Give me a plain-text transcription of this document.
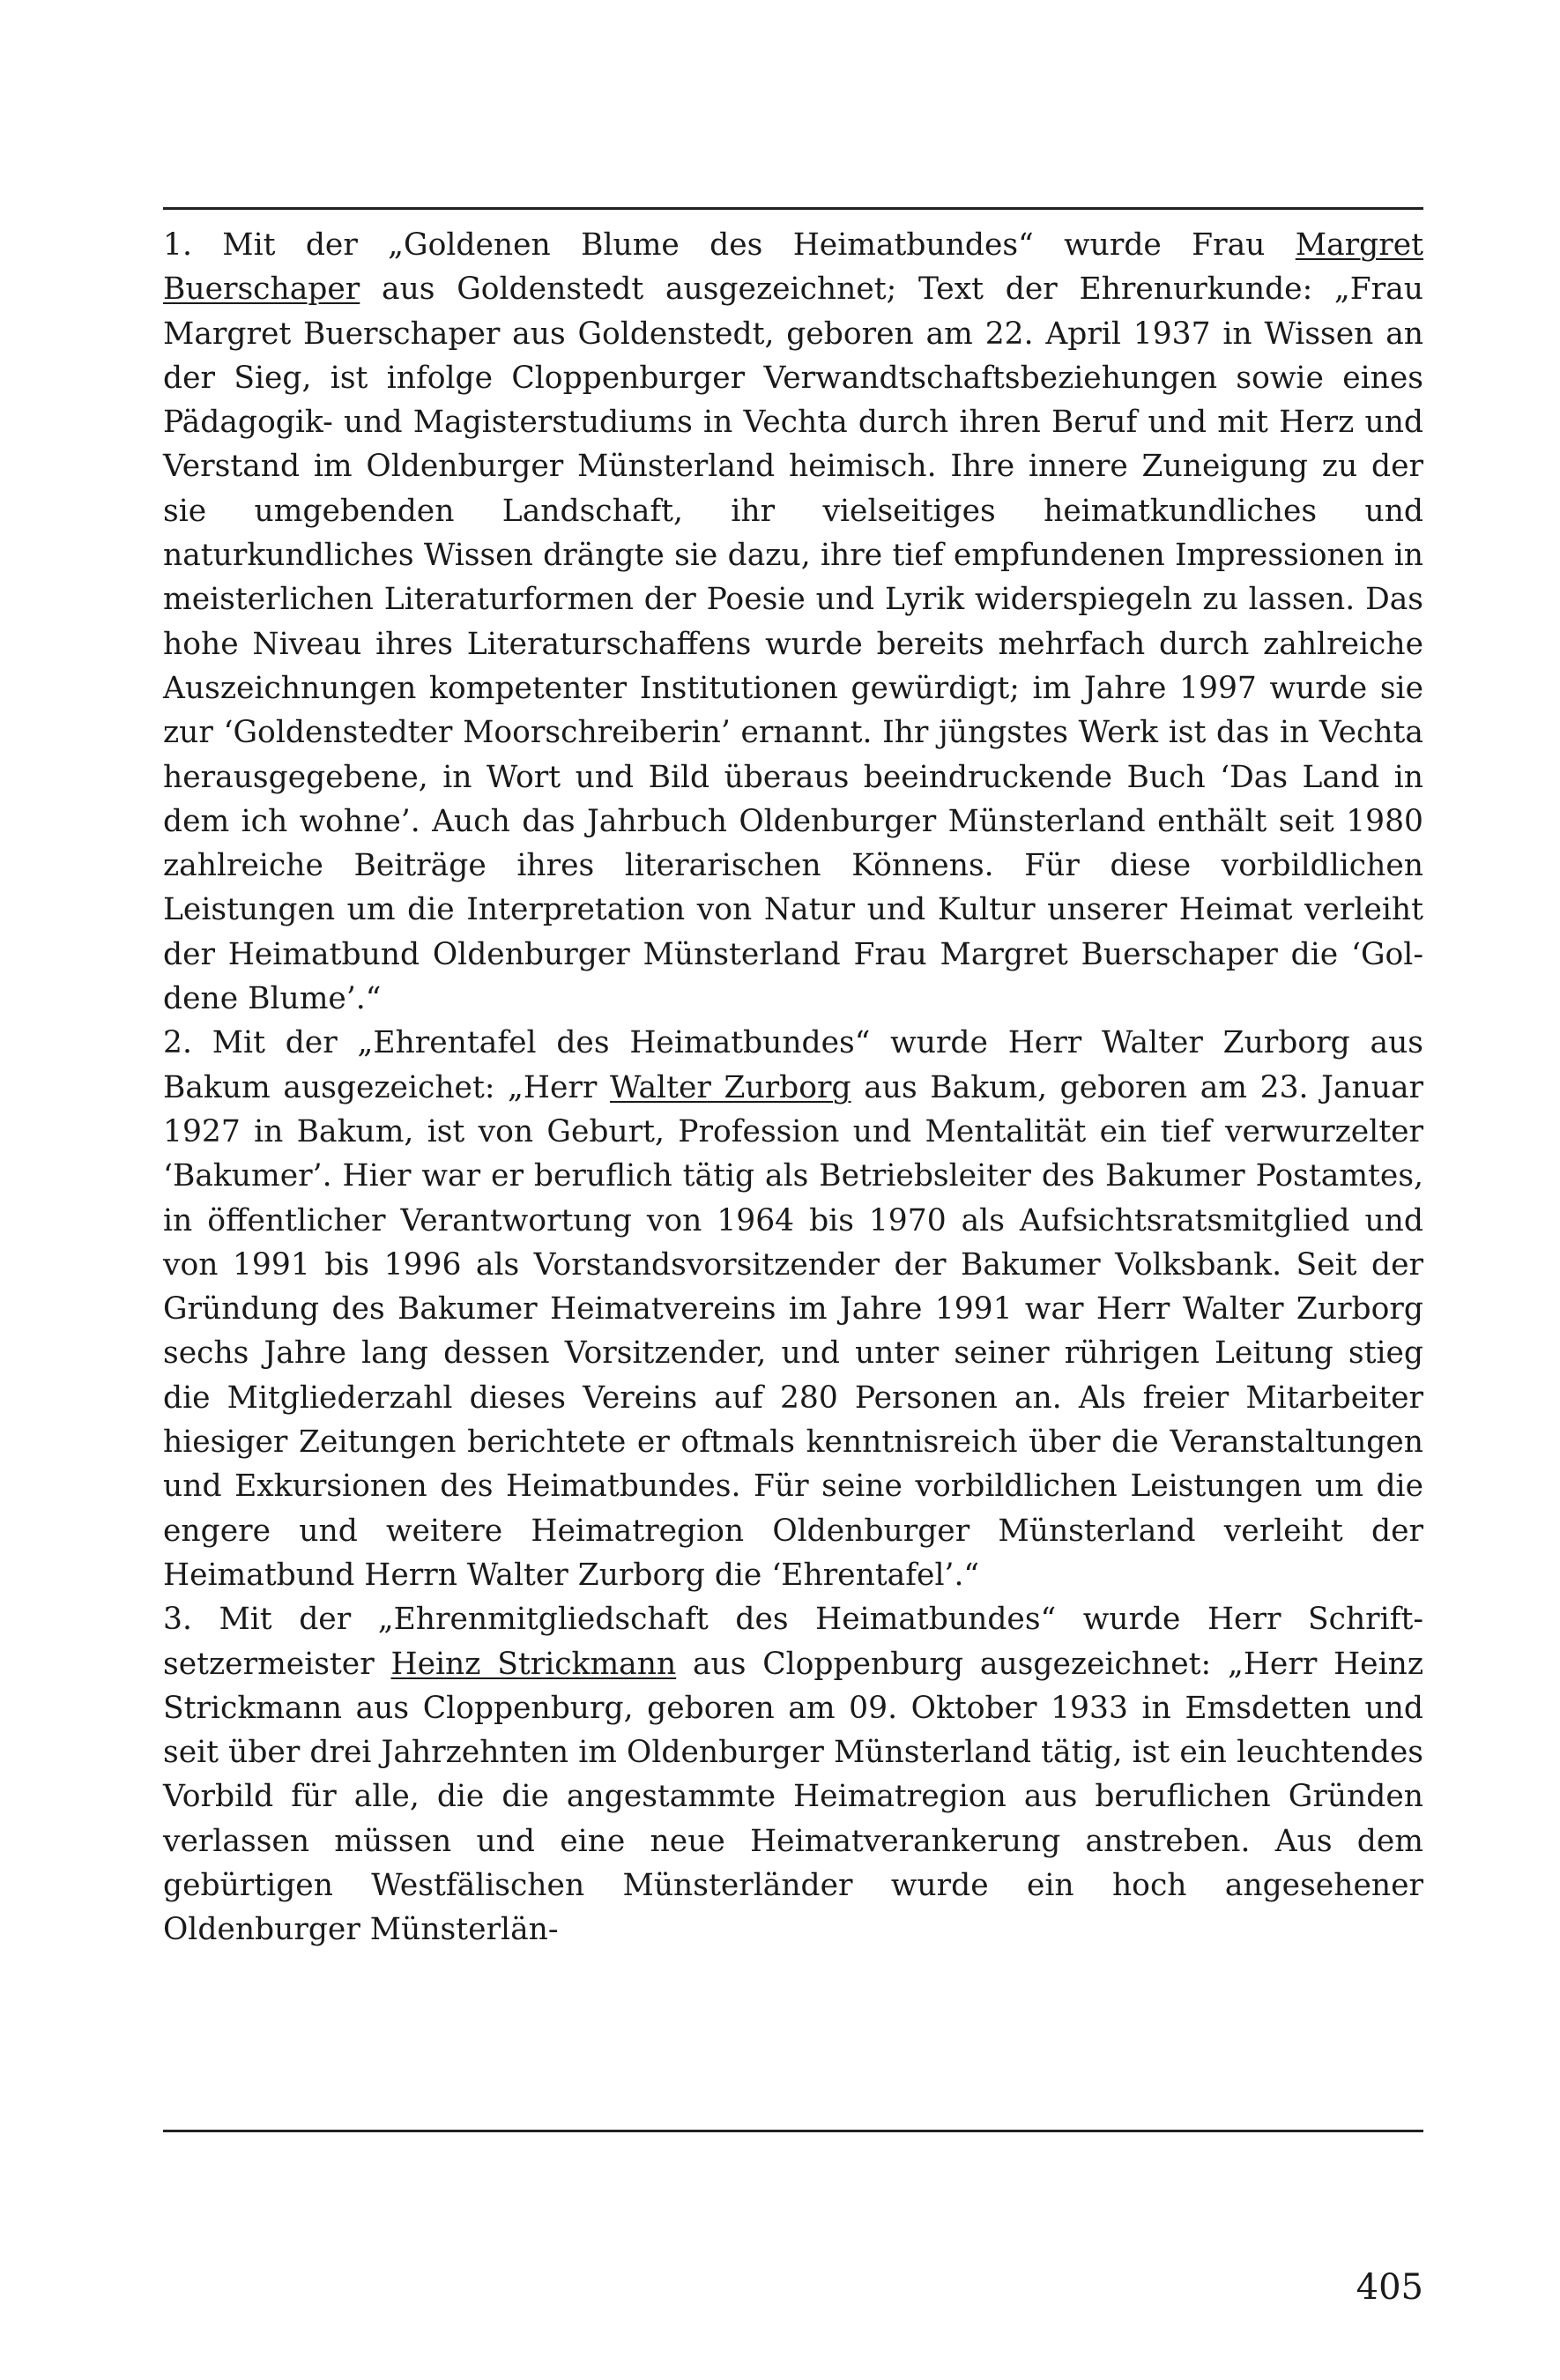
1. Mit der „Goldenen Blume des Heimatbundes“ wurde Frau Margret Buerschaper aus Goldenstedt ausgezeichnet; Text der Ehrenurkunde: „Frau Margret Buerschaper aus Goldenstedt, geboren am 22. April 1937 in Wissen an der Sieg, ist infolge Cloppenburger Verwandtschaftsbeziehungen sowie eines Pädagogik- und Magisterstudiums in Vechta durch ihren Beruf und mit Herz und Verstand im Oldenburger Münsterland heimisch. Ihre innere Zuneigung zu der sie umgebenden Landschaft, ihr vielseitiges heimatkundliches und naturkundliches Wissen drängte sie dazu, ihre tief empfundenen Impressionen in meisterlichen Literaturformen der Poesie und Lyrik widerspiegeln zu lassen. Das hohe Niveau ihres Literaturschaffens wurde bereits mehrfach durch zahlreiche Auszeichnungen kompetenter Institutionen gewürdigt; im Jahre 1997 wurde sie zur ‘Goldenstedter Moorschreiberin’ ernannt. Ihr jüngstes Werk ist das in Vechta herausgegebene, in Wort und Bild überaus beeindruckende Buch ‘Das Land in dem ich wohne’. Auch das Jahrbuch Oldenburger Münsterland enthält seit 1980 zahlreiche Beiträge ihres literarischen Könnens. Für diese vorbildlichen Leistungen um die Interpretation von Natur und Kultur unserer Heimat verleiht der Heimatbund Oldenburger Münsterland Frau Margret Buerschaper die ‘Goldene Blume’.“

2. Mit der „Ehrentafel des Heimatbundes“ wurde Herr Walter Zurborg aus Bakum ausgezeichet: „Herr Walter Zurborg aus Bakum, geboren am 23. Januar 1927 in Bakum, ist von Geburt, Profession und Mentalität ein tief verwurzelter ‘Bakumer’. Hier war er beruflich tätig als Betriebsleiter des Bakumer Postamtes, in öffentlicher Verantwortung von 1964 bis 1970 als Aufsichtsratsmitglied und von 1991 bis 1996 als Vorstandsvorsitzender der Bakumer Volksbank. Seit der Gründung des Bakumer Heimatvereins im Jahre 1991 war Herr Walter Zurborg sechs Jahre lang dessen Vorsitzender, und unter seiner rührigen Leitung stieg die Mitgliederzahl dieses Vereins auf 280 Personen an. Als freier Mitarbeiter hiesiger Zeitungen berichtete er oftmals kenntnisreich über die Veranstaltungen und Exkursionen des Heimatbundes. Für seine vorbildlichen Leistungen um die engere und weitere Heimatregion Oldenburger Münsterland verleiht der Heimatbund Herrn Walter Zurborg die ‘Ehrentafel’.“

3. Mit der „Ehrenmitgliedschaft des Heimatbundes“ wurde Herr Schriftsetzermeister Heinz Strickmann aus Cloppenburg ausgezeichnet: „Herr Heinz Strickmann aus Cloppenburg, geboren am 09. Oktober 1933 in Emsdetten und seit über drei Jahrzehnten im Oldenburger Münsterland tätig, ist ein leuchtendes Vorbild für alle, die die angestammte Heimatregion aus beruflichen Gründen verlassen müssen und eine neue Heimatverankerung anstreben. Aus dem gebürtigen Westfälischen Münsterländer wurde ein hoch angesehener Oldenburger Münsterlän-

405
